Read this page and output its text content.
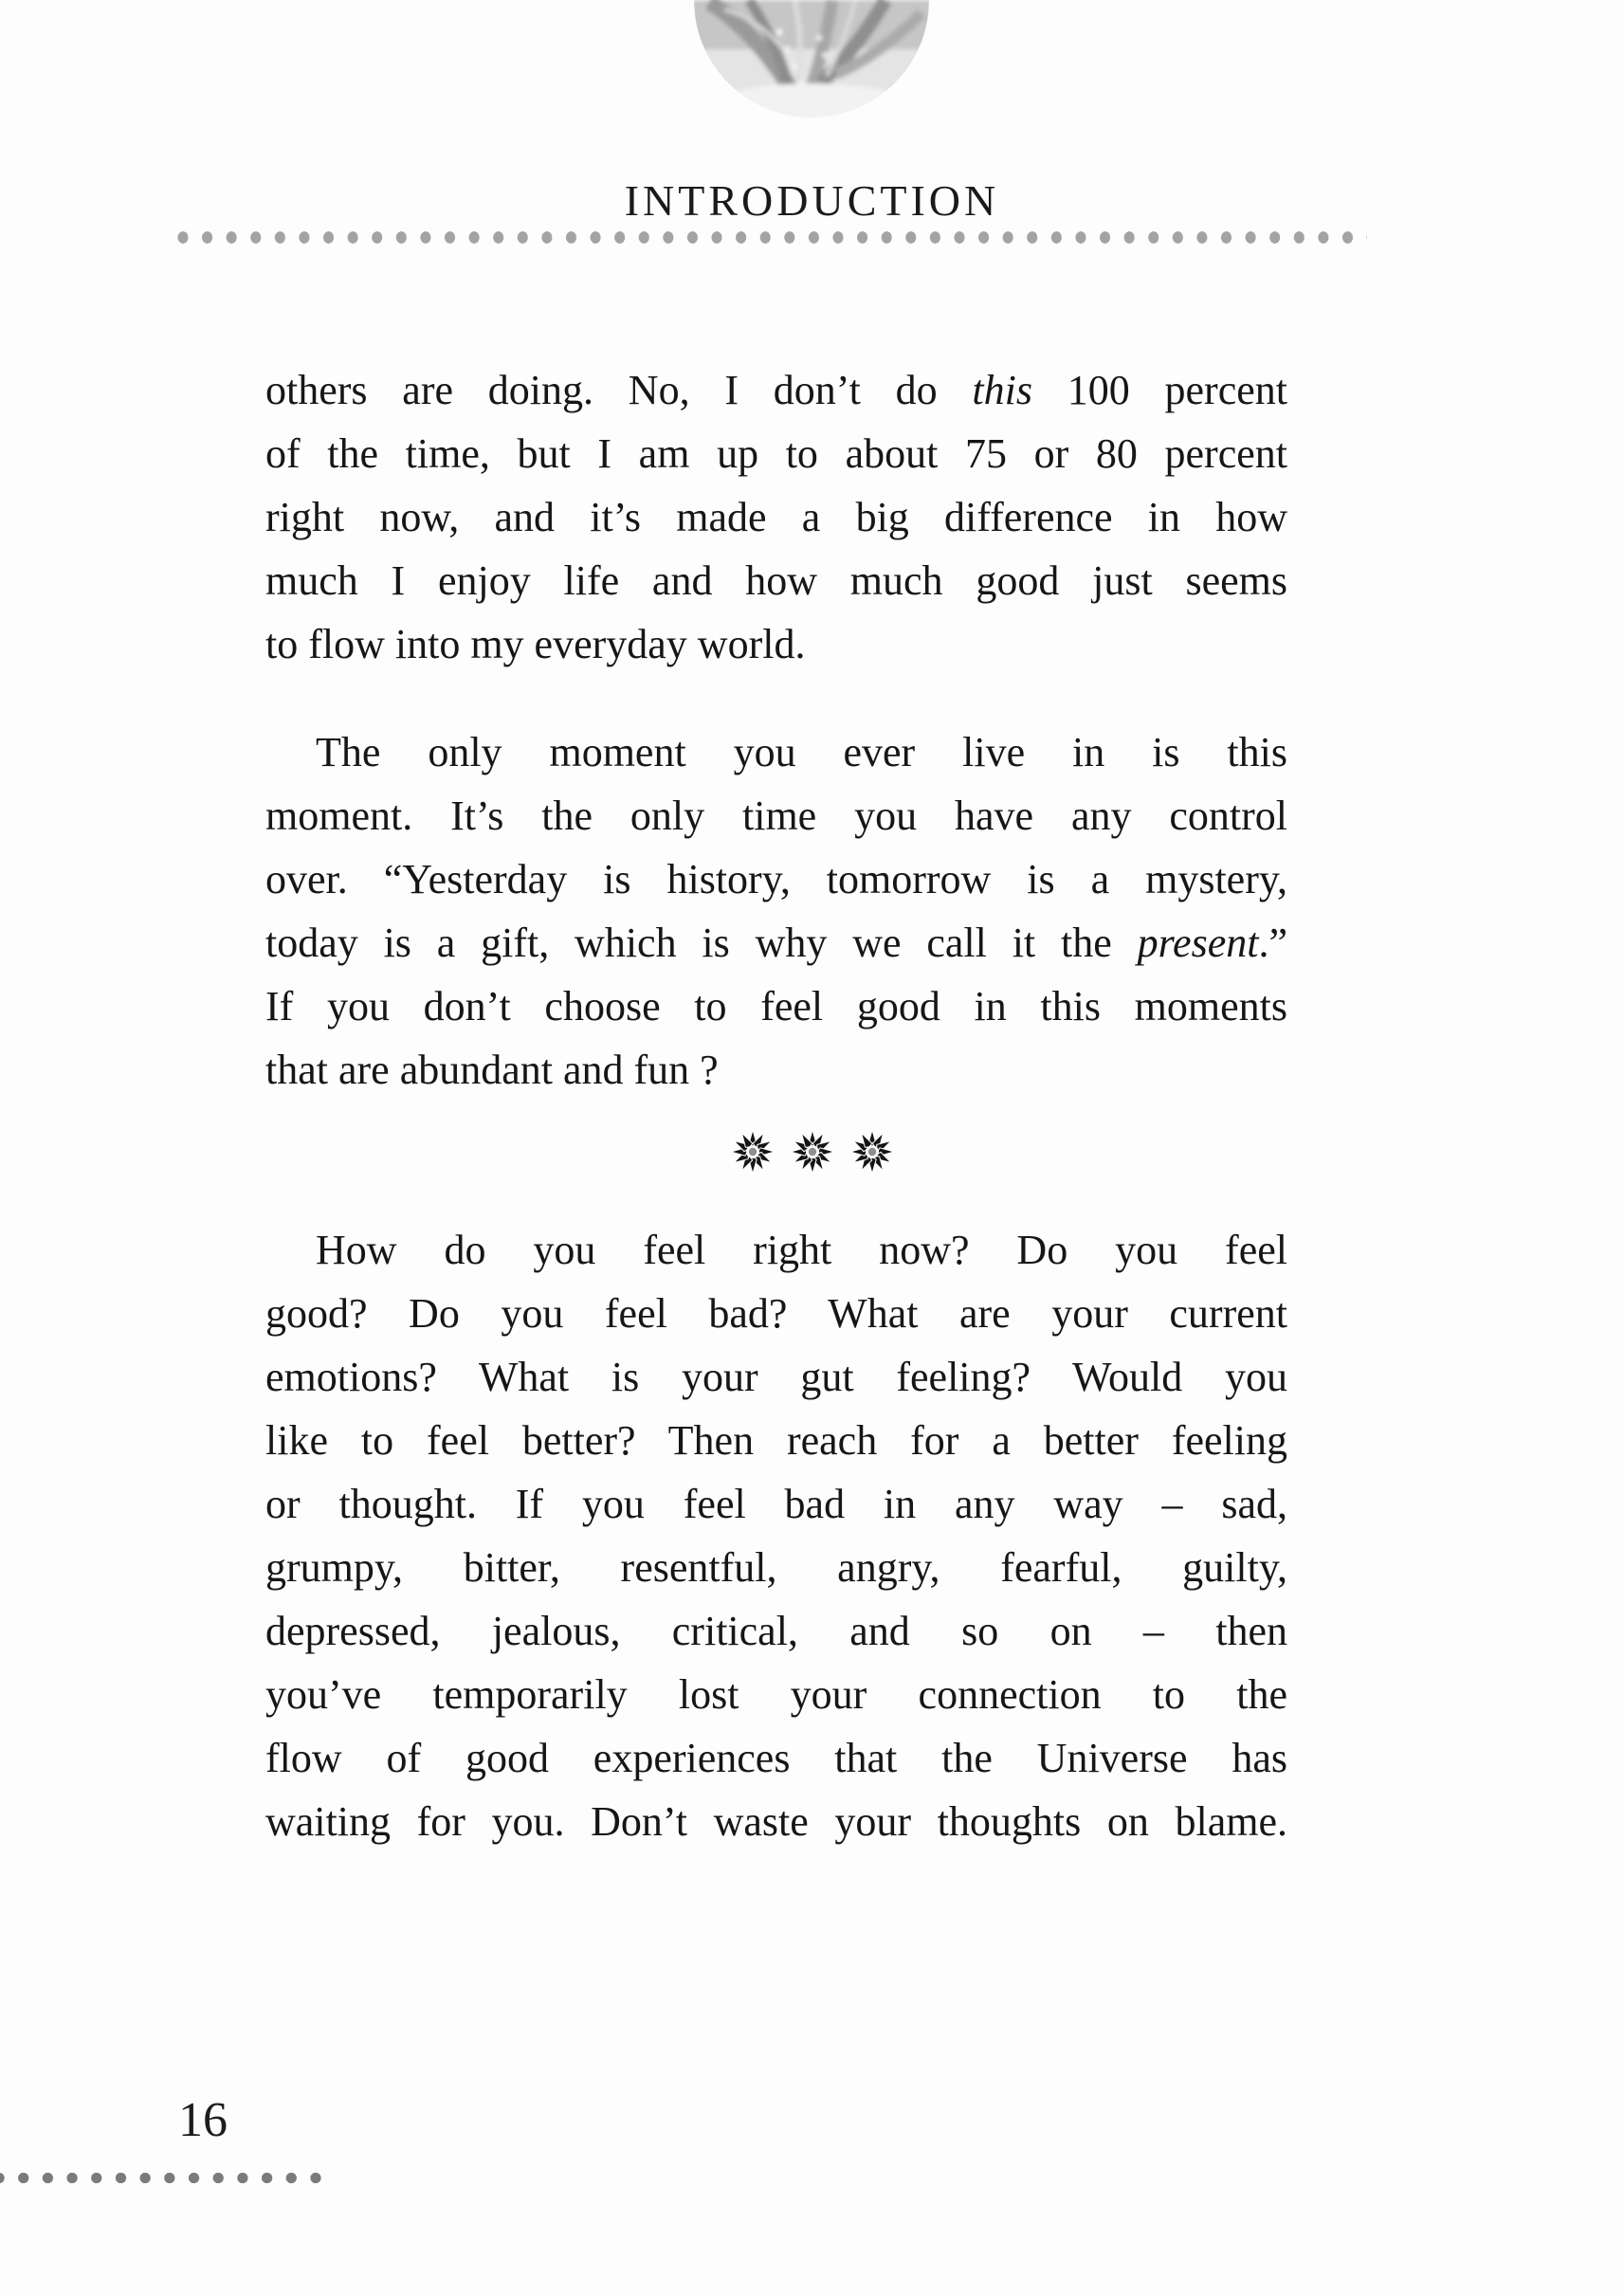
INTRODUCTION
others are doing. No, I don’t do this 100 percent
of the time, but I am up to about 75 or 80 percent
right now, and it’s made a big difference in how
much I enjoy life and how much good just seems
to flow into my everyday world.
The only moment you ever live in is this
moment. It’s the only time you have any control
over. “Yesterday is history, tomorrow is a mystery,
today is a gift, which is why we call it the present.”
If you don’t choose to feel good in this moments
that are abundant and fun ?
How do you feel right now? Do you feel
good? Do you feel bad? What are your current
emotions? What is your gut feeling? Would you
like to feel better? Then reach for a better feeling
or thought. If you feel bad in any way – sad,
grumpy, bitter, resentful, angry, fearful, guilty,
depressed, jealous, critical, and so on – then
you’ve temporarily lost your connection to the
flow of good experiences that the Universe has
waiting for you. Don’t waste your thoughts on blame.
16
